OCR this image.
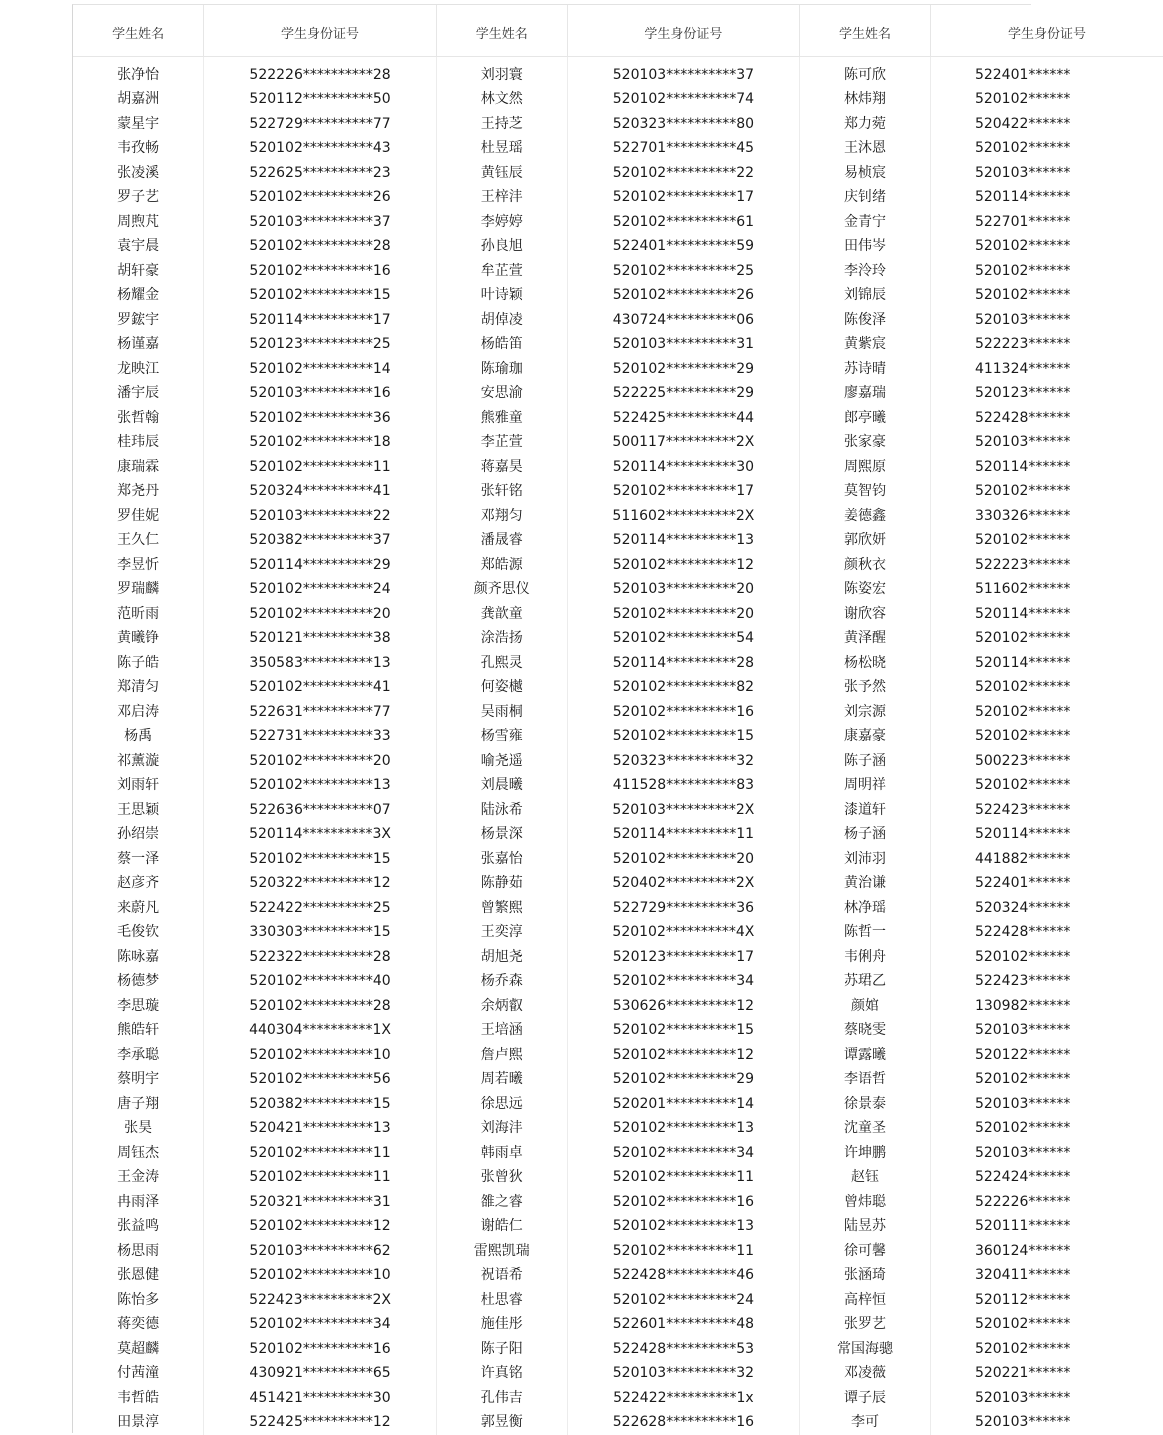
学生姓名	学生身份证号	学生姓名	学生身份证号	学生姓名	学生身份证号
张净怡	522226**********28	刘羽寰	520103**********37	陈可欣	522401******
胡嘉洲	520112**********50	林文然	520102**********74	林炜翔	520102******
蒙星宇	522729**********77	王持芝	520323**********80	郑力菀	520422******
韦孜畅	520102**********43	杜昱瑶	522701**********45	王沐恩	520102******
张凌溪	522625**********23	黄钰辰	520102**********22	易桢宸	520103******
罗子艺	520102**********26	王梓沣	520102**********17	庆钊绪	520114******
周煦芃	520103**********37	李婷婷	520102**********61	金青宁	522701******
袁宇晨	520102**********28	孙良旭	522401**********59	田伟岑	520102******
胡轩豪	520102**********16	牟芷萱	520102**********25	李泠玲	520102******
杨耀金	520102**********15	叶诗颖	520102**********26	刘锦辰	520102******
罗鋐宇	520114**********17	胡倬凌	430724**********06	陈俊泽	520103******
杨谨嘉	520123**********25	杨皓笛	520103**********31	黄紫宸	522223******
龙映江	520102**********14	陈瑜珈	520102**********29	苏诗晴	411324******
潘宇辰	520103**********16	安思渝	522225**********29	廖嘉瑞	520123******
张哲翰	520102**********36	熊雅童	522425**********44	郎亭曦	522428******
桂玮辰	520102**********18	李芷萱	500117**********2X	张家豪	520103******
康瑞霖	520102**********11	蒋嘉昊	520114**********30	周熙原	520114******
郑尧丹	520324**********41	张轩铭	520102**********17	莫智钧	520102******
罗佳妮	520103**********22	邓翔匀	511602**********2X	姜德鑫	330326******
王久仁	520382**********37	潘晟睿	520114**********13	郭欣妍	520102******
李昱忻	520114**********29	郑皓源	520102**********12	颜秋衣	522223******
罗瑞麟	520102**********24	颜齐思仪	520103**********20	陈姿宏	511602******
范昕雨	520102**********20	龚歆童	520102**********20	谢欣容	520114******
黄曦铮	520121**********38	涂浩扬	520102**********54	黄泽醒	520102******
陈子皓	350583**********13	孔熙灵	520114**********28	杨松晓	520114******
郑清匀	520102**********41	何姿樾	520102**********82	张予然	520102******
邓启涛	522631**********77	吴雨桐	520102**********16	刘宗源	520102******
杨禹	522731**********33	杨雪雍	520102**********15	康嘉豪	520102******
祁薰漩	520102**********20	喻尧遥	520323**********32	陈子涵	500223******
刘雨轩	520102**********13	刘晨曦	411528**********83	周明祥	520102******
王思颖	522636**********07	陆泳希	520103**********2X	漆道轩	522423******
孙绍崇	520114**********3X	杨景深	520114**********11	杨子涵	520114******
蔡一泽	520102**********15	张嘉怡	520102**********20	刘沛羽	441882******
赵彦齐	520322**********12	陈静茹	520402**********2X	黄治谦	522401******
来蔚凡	522422**********25	曾繁熙	522729**********36	林净瑶	520324******
毛俊钦	330303**********15	王奕淳	520102**********4X	陈哲一	522428******
陈咏嘉	522322**********28	胡旭尧	520123**********17	韦俐舟	520102******
杨德梦	520102**********40	杨乔森	520102**********34	苏珺乙	522423******
李思璇	520102**********28	余炳叡	530626**********12	颜婠	130982******
熊皓轩	440304**********1X	王培涵	520102**********15	蔡晓雯	520103******
李承聪	520102**********10	詹卢熙	520102**********12	谭露曦	520122******
蔡明宇	520102**********56	周若曦	520102**********29	李语哲	520102******
唐子翔	520382**********15	徐思远	520201**********14	徐景泰	520103******
张昊	520421**********13	刘海沣	520102**********13	沈童圣	520102******
周钰杰	520102**********11	韩雨卓	520102**********34	许坤鹏	520103******
王金涛	520102**********11	张曾狄	520102**********11	赵钰	522424******
冉雨泽	520321**********31	雒之睿	520102**********16	曾炜聪	522226******
张益鸣	520102**********12	谢皓仁	520102**********13	陆昱苏	520111******
杨思雨	520103**********62	雷熙凯瑞	520102**********11	徐可馨	360124******
张恩健	520102**********10	祝语希	522428**********46	张涵琦	320411******
陈怡多	522423**********2X	杜思睿	520102**********24	高梓恒	520112******
蒋奕德	520102**********34	施佳彤	522601**********48	张罗艺	520102******
莫超麟	520102**********16	陈子阳	522428**********53	常国海骢	520102******
付茜潼	430921**********65	许真铭	520103**********32	邓凌薇	520221******
韦哲皓	451421**********30	孔伟吉	522422**********1x	谭子辰	520103******
田景淳	522425**********12	郭昱衡	522628**********16	李可	520103******
